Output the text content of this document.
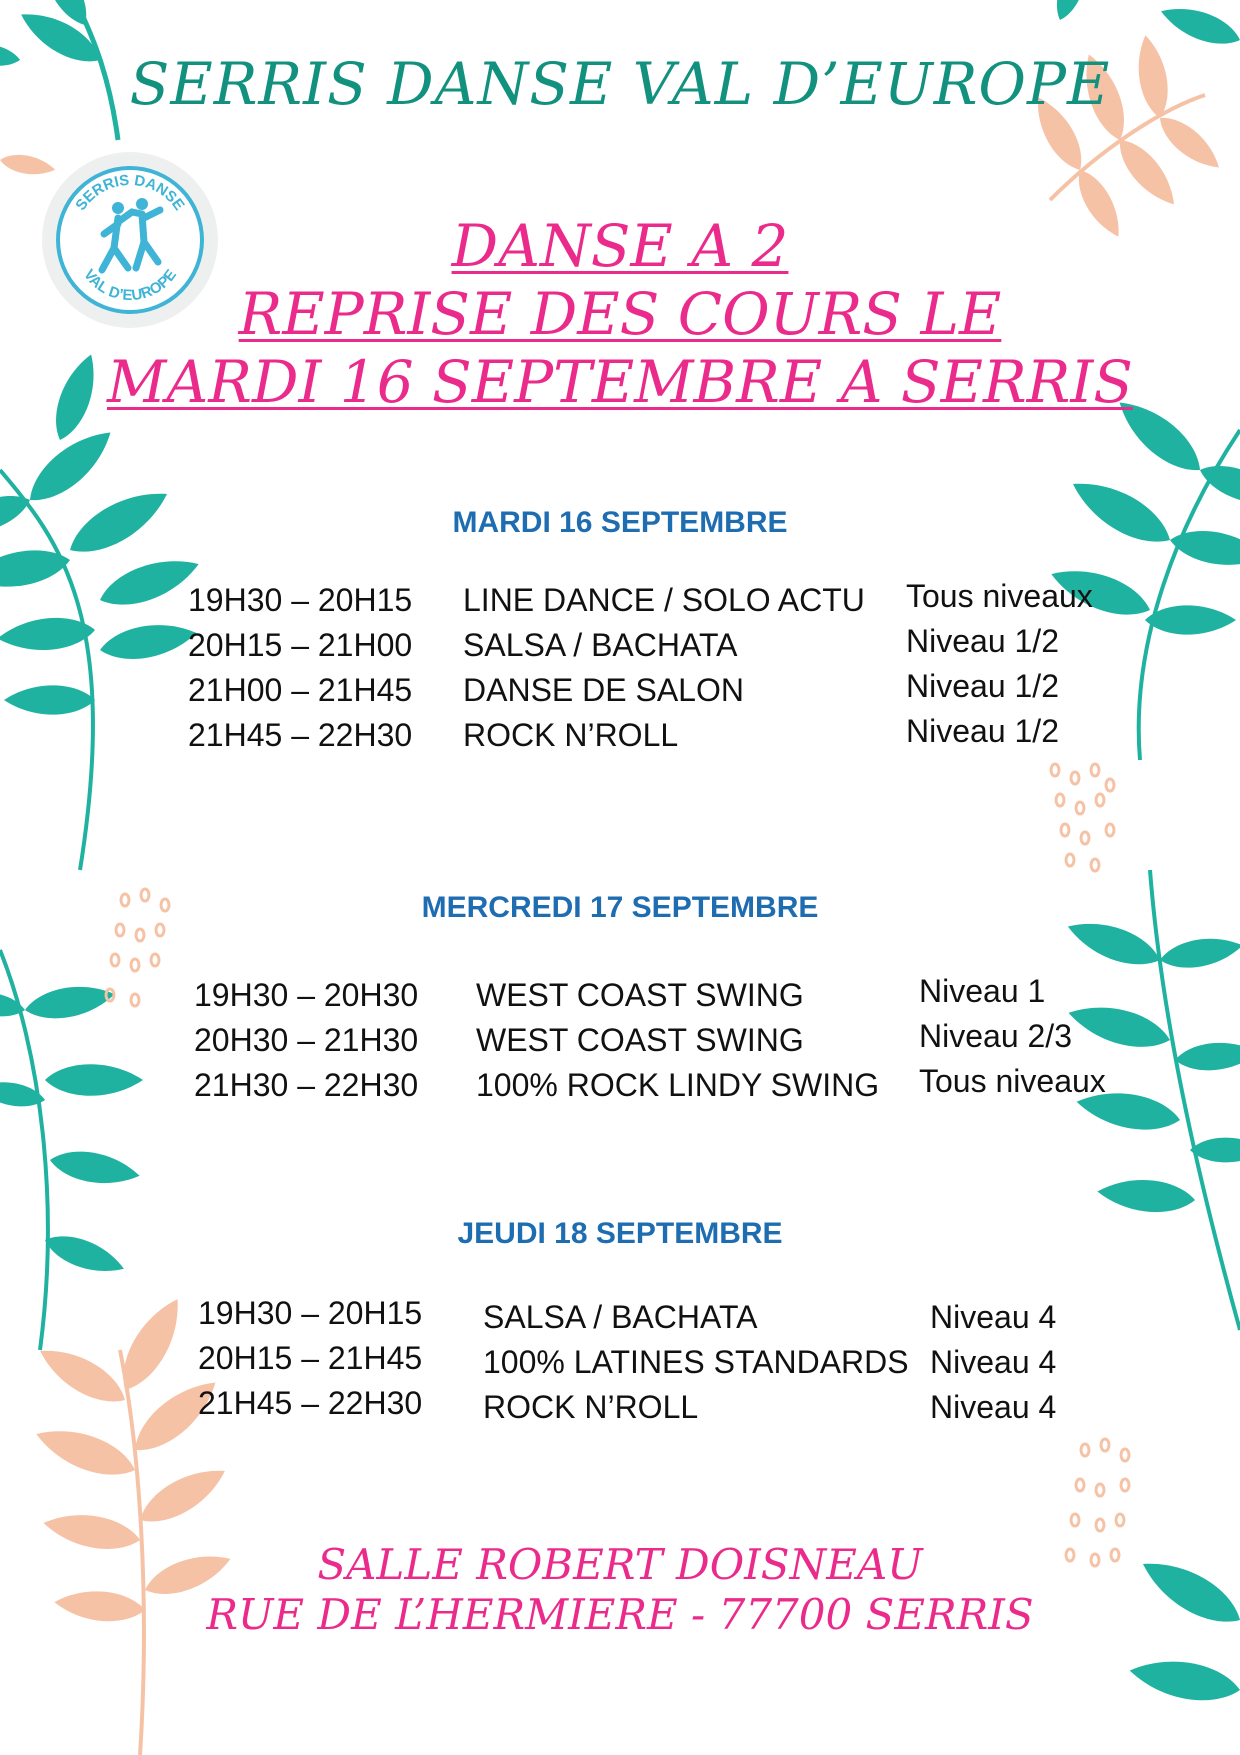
SERRIS DANSE VAL D’EUROPE
SERRIS DANSE
VAL D’EUROPE	DANSE A 2
REPRISE DES COURS LE
MARDI 16 SEPTEMBRE A SERRIS
MARDI 16 SEPTEMBRE
19H30 – 20H15 LINE DANCE / SOLO ACTU Tous niveaux
20H15 – 21H00 SALSA / BACHATA	Niveau 1/2
21H00 – 21H45 DANSE DE SALON	Niveau 1/2
21H45 – 22H30 ROCK N’ROLL	Niveau 1/2
MERCREDI 17 SEPTEMBRE
19H30 – 20H30 WEST COAST SWING	Niveau 1
20H30 – 21H30 WEST COAST SWING	Niveau 2/3
21H30 – 22H30 100% ROCK LINDY SWING Tous niveaux
JEUDI 18 SEPTEMBRE
19H30 – 20H15 SALSA / BACHATA	Niveau 4
20H15 – 21H45 100% LATINES STANDARDS Niveau 4
21H45 – 22H30 ROCK N’ROLL	Niveau 4
SALLE ROBERT DOISNEAU
RUE DE L’HERMIERE - 77700 SERRIS
